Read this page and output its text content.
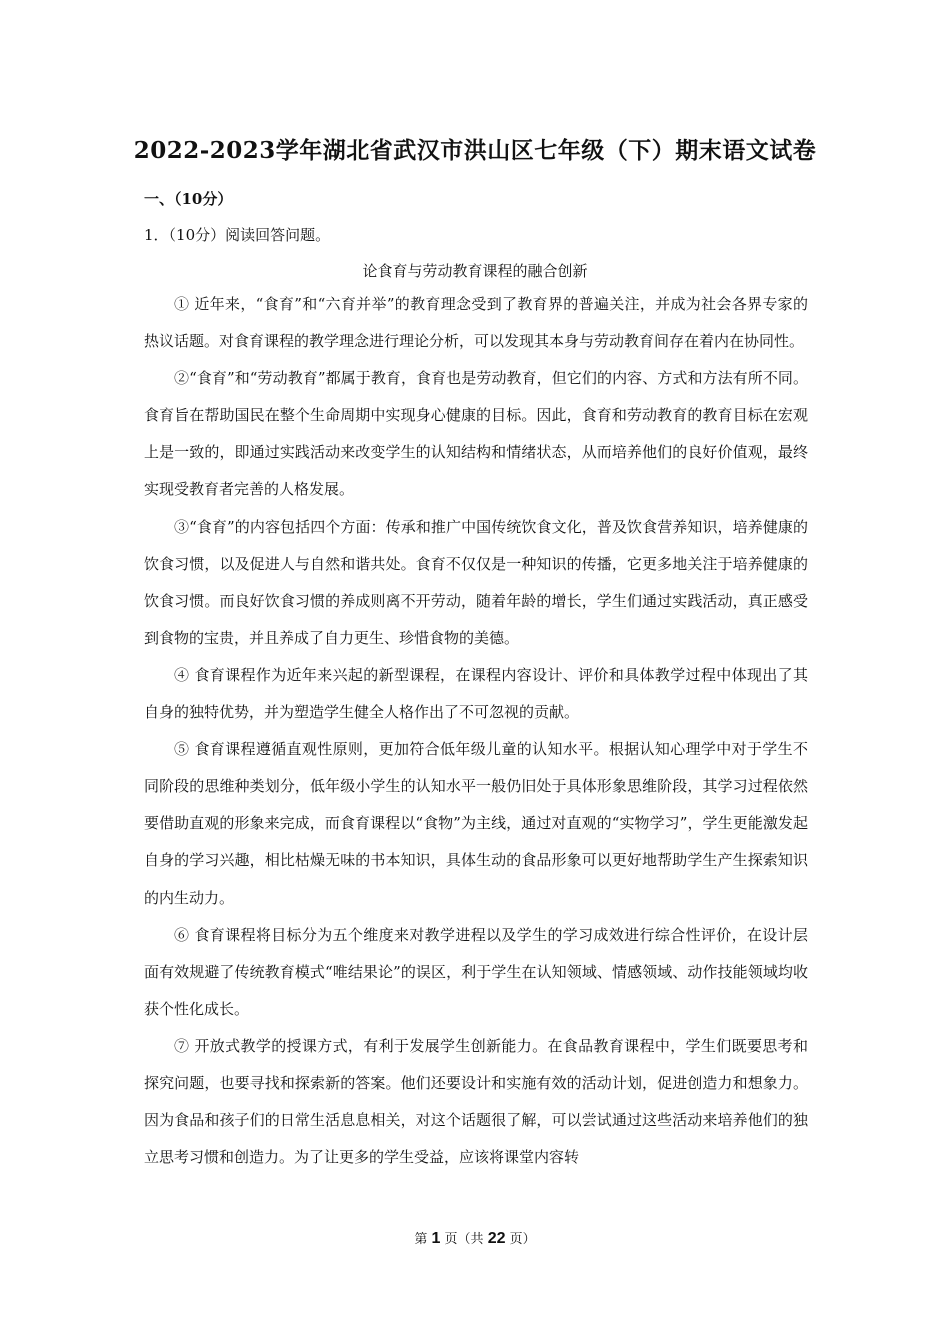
2022-2023学年湖北省武汉市洪山区七年级（下）期末语文试卷
一、（10分）
1．（10分）阅读回答问题。
论食育与劳动教育课程的融合创新

① 近年来，“食育”和“六育并举”的教育理念受到了教育界的普遍关注，并成为社会各界专家的热议话题。对食育课程的教学理念进行理论分析，可以发现其本身与劳动教育间存在着内在协同性。

②“食育”和“劳动教育”都属于教育，食育也是劳动教育，但它们的内容、方式和方法有所不同。食育旨在帮助国民在整个生命周期中实现身心健康的目标。因此，食育和劳动教育的教育目标在宏观上是一致的，即通过实践活动来改变学生的认知结构和情绪状态，从而培养他们的良好价值观，最终实现受教育者完善的人格发展。

③“食育”的内容包括四个方面：传承和推广中国传统饮食文化，普及饮食营养知识，培养健康的饮食习惯，以及促进人与自然和谐共处。食育不仅仅是一种知识的传播，它更多地关注于培养健康的饮食习惯。而良好饮食习惯的养成则离不开劳动，随着年龄的增长，学生们通过实践活动，真正感受到食物的宝贵，并且养成了自力更生、珍惜食物的美德。

④ 食育课程作为近年来兴起的新型课程，在课程内容设计、评价和具体教学过程中体现出了其自身的独特优势，并为塑造学生健全人格作出了不可忽视的贡献。

⑤ 食育课程遵循直观性原则，更加符合低年级儿童的认知水平。根据认知心理学中对于学生不同阶段的思维种类划分，低年级小学生的认知水平一般仍旧处于具体形象思维阶段，其学习过程依然要借助直观的形象来完成，而食育课程以“食物”为主线，通过对直观的“实物学习”，学生更能激发起自身的学习兴趣，相比枯燥无味的书本知识，具体生动的食品形象可以更好地帮助学生产生探索知识的内生动力。

⑥ 食育课程将目标分为五个维度来对教学进程以及学生的学习成效进行综合性评价，在设计层面有效规避了传统教育模式“唯结果论”的误区，利于学生在认知领域、情感领域、动作技能领域均收获个性化成长。

⑦ 开放式教学的授课方式，有利于发展学生创新能力。在食品教育课程中，学生们既要思考和探究问题，也要寻找和探索新的答案。他们还要设计和实施有效的活动计划，促进创造力和想象力。因为食品和孩子们的日常生活息息相关，对这个话题很了解，可以尝试通过这些活动来培养他们的独立思考习惯和创造力。为了让更多的学生受益，应该将课堂内容转

第 1 页（共 22 页）
